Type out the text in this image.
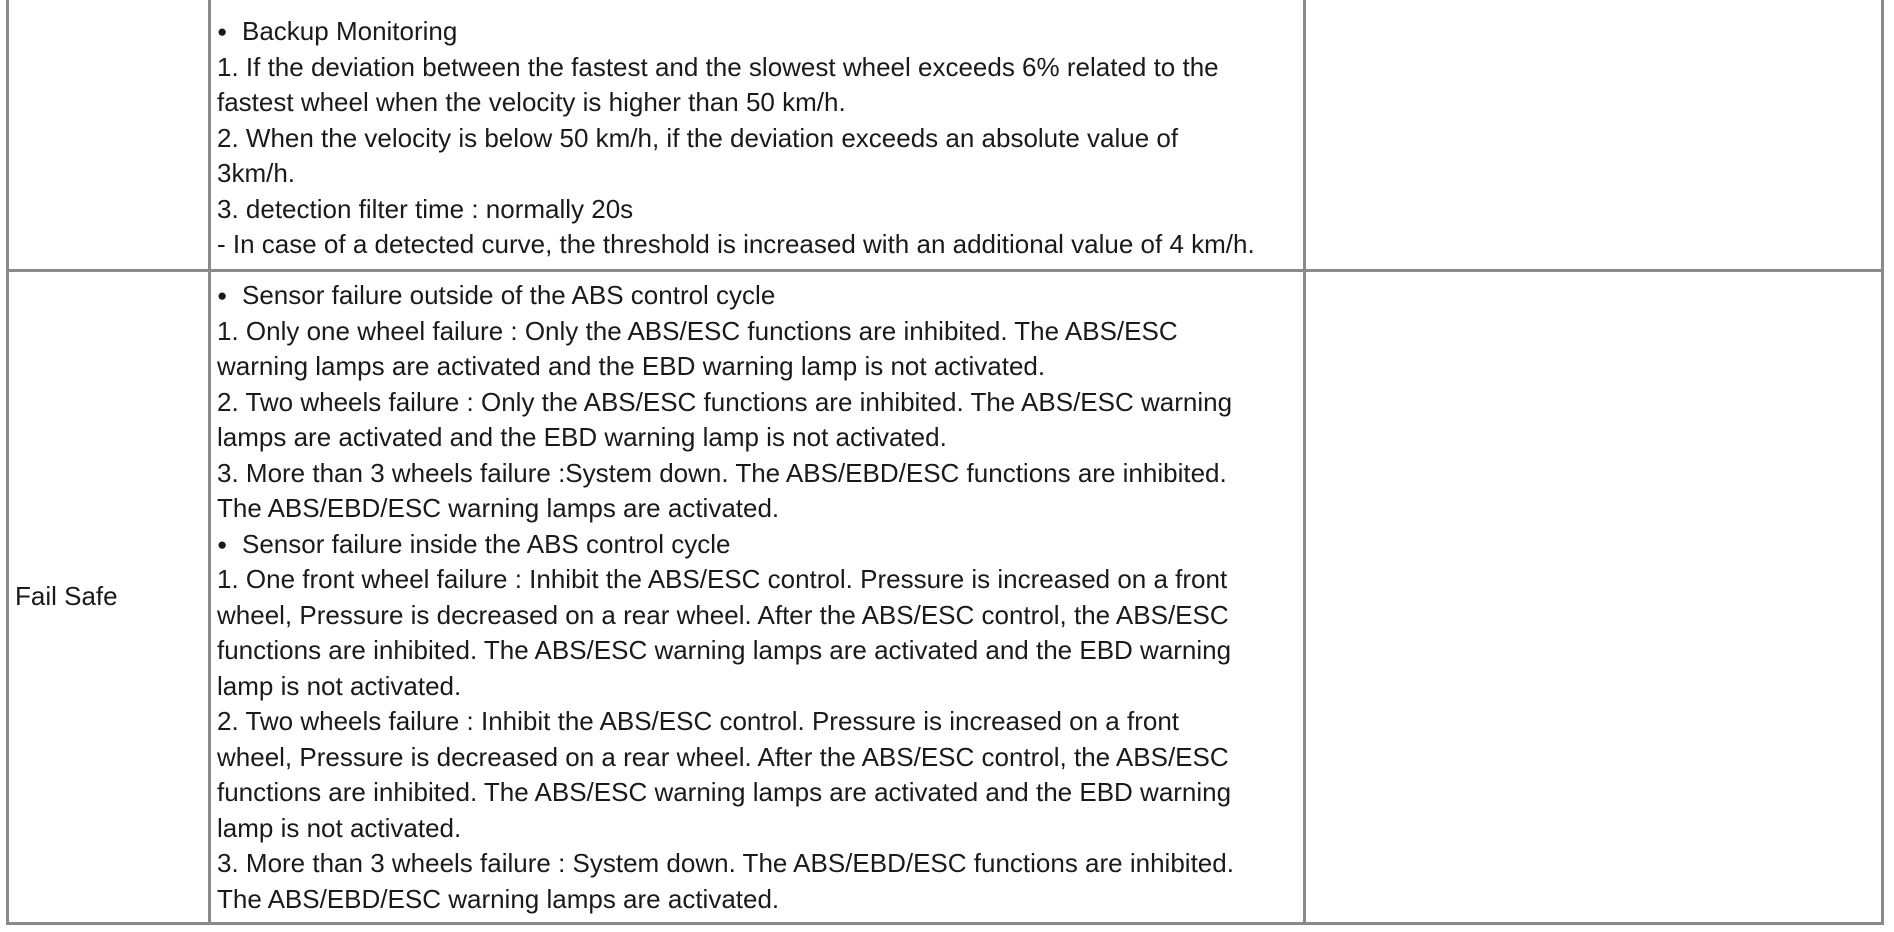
● Backup Monitoring
1. If the deviation between the fastest and the slowest wheel exceeds 6% related to the
fastest wheel when the velocity is higher than 50 km/h.
2. When the velocity is below 50 km/h, if the deviation exceeds an absolute value of
3km/h.
3. detection filter time : normally 20s
- In case of a detected curve, the threshold is increased with an additional value of 4 km/h.
Fail Safe
● Sensor failure outside of the ABS control cycle
1. Only one wheel failure : Only the ABS/ESC functions are inhibited. The ABS/ESC
warning lamps are activated and the EBD warning lamp is not activated.
2. Two wheels failure : Only the ABS/ESC functions are inhibited. The ABS/ESC warning
lamps are activated and the EBD warning lamp is not activated.
3. More than 3 wheels failure :System down. The ABS/EBD/ESC functions are inhibited.
The ABS/EBD/ESC warning lamps are activated.
● Sensor failure inside the ABS control cycle
1. One front wheel failure : Inhibit the ABS/ESC control. Pressure is increased on a front
wheel, Pressure is decreased on a rear wheel. After the ABS/ESC control, the ABS/ESC
functions are inhibited. The ABS/ESC warning lamps are activated and the EBD warning
lamp is not activated.
2. Two wheels failure : Inhibit the ABS/ESC control. Pressure is increased on a front
wheel, Pressure is decreased on a rear wheel. After the ABS/ESC control, the ABS/ESC
functions are inhibited. The ABS/ESC warning lamps are activated and the EBD warning
lamp is not activated.
3. More than 3 wheels failure : System down. The ABS/EBD/ESC functions are inhibited.
The ABS/EBD/ESC warning lamps are activated.
